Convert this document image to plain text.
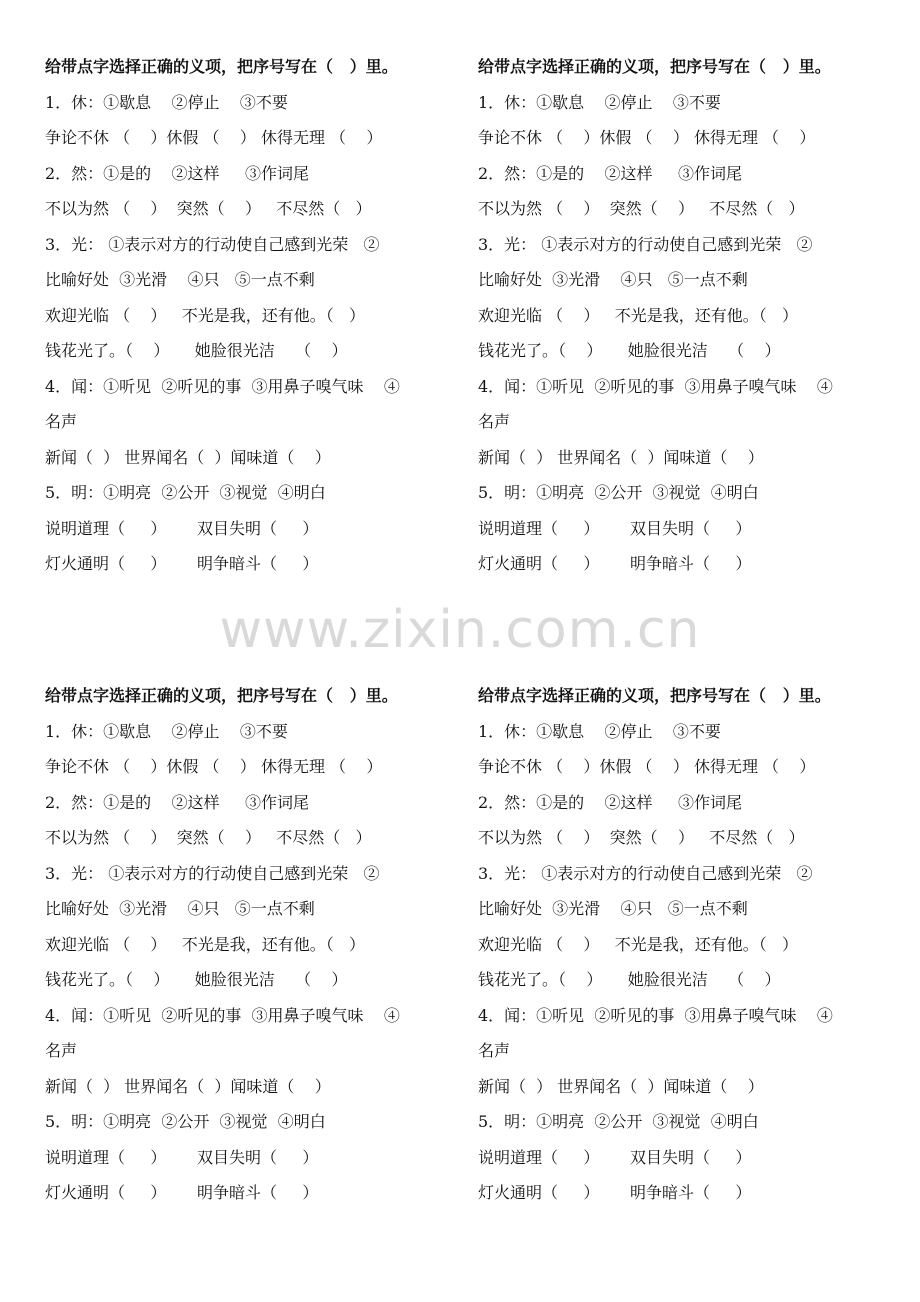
给带点字选择正确的义项，把序号写在（   ）里。
1．休：①歇息    ②停止    ③不要
争论不休 （    ）休假 （    ） 休得无理 （    ）
2．然：①是的    ②这样     ③作词尾
不以为然 （    ）  突然（    ）   不尽然（   ）
3．光： ①表示对方的行动使自己感到光荣   ②
比喻好处  ③光滑    ④只   ⑤一点不剩
欢迎光临 （    ）   不光是我，还有他。（   ）
钱花光了。（    ）     她脸很光洁    （    ）
4．闻：①听见  ②听见的事  ③用鼻子嗅气味    ④
名声
新闻（  ） 世界闻名（  ）闻味道（    ）
5．明：①明亮  ②公开  ③视觉  ④明白
说明道理（     ）      双目失明（     ）
灯火通明（     ）      明争暗斗（     ）
给带点字选择正确的义项，把序号写在（   ）里。
1．休：①歇息    ②停止    ③不要
争论不休 （    ）休假 （    ） 休得无理 （    ）
2．然：①是的    ②这样     ③作词尾
不以为然 （    ）  突然（    ）   不尽然（   ）
3．光： ①表示对方的行动使自己感到光荣   ②
比喻好处  ③光滑    ④只   ⑤一点不剩
欢迎光临 （    ）   不光是我，还有他。（   ）
钱花光了。（    ）     她脸很光洁    （    ）
4．闻：①听见  ②听见的事  ③用鼻子嗅气味    ④
名声
新闻（  ） 世界闻名（  ）闻味道（    ）
5．明：①明亮  ②公开  ③视觉  ④明白
说明道理（     ）      双目失明（     ）
灯火通明（     ）      明争暗斗（     ）
www.zixin.com.cn
给带点字选择正确的义项，把序号写在（   ）里。
1．休：①歇息    ②停止    ③不要
争论不休 （    ）休假 （    ） 休得无理 （    ）
2．然：①是的    ②这样     ③作词尾
不以为然 （    ）  突然（    ）   不尽然（   ）
3．光： ①表示对方的行动使自己感到光荣   ②
比喻好处  ③光滑    ④只   ⑤一点不剩
欢迎光临 （    ）   不光是我，还有他。（   ）
钱花光了。（    ）     她脸很光洁    （    ）
4．闻：①听见  ②听见的事  ③用鼻子嗅气味    ④
名声
新闻（  ） 世界闻名（  ）闻味道（    ）
5．明：①明亮  ②公开  ③视觉  ④明白
说明道理（     ）      双目失明（     ）
灯火通明（     ）      明争暗斗（     ）
给带点字选择正确的义项，把序号写在（   ）里。
1．休：①歇息    ②停止    ③不要
争论不休 （    ）休假 （    ） 休得无理 （    ）
2．然：①是的    ②这样     ③作词尾
不以为然 （    ）  突然（    ）   不尽然（   ）
3．光： ①表示对方的行动使自己感到光荣   ②
比喻好处  ③光滑    ④只   ⑤一点不剩
欢迎光临 （    ）   不光是我，还有他。（   ）
钱花光了。（    ）     她脸很光洁    （    ）
4．闻：①听见  ②听见的事  ③用鼻子嗅气味    ④
名声
新闻（  ） 世界闻名（  ）闻味道（    ）
5．明：①明亮  ②公开  ③视觉  ④明白
说明道理（     ）      双目失明（     ）
灯火通明（     ）      明争暗斗（     ）
